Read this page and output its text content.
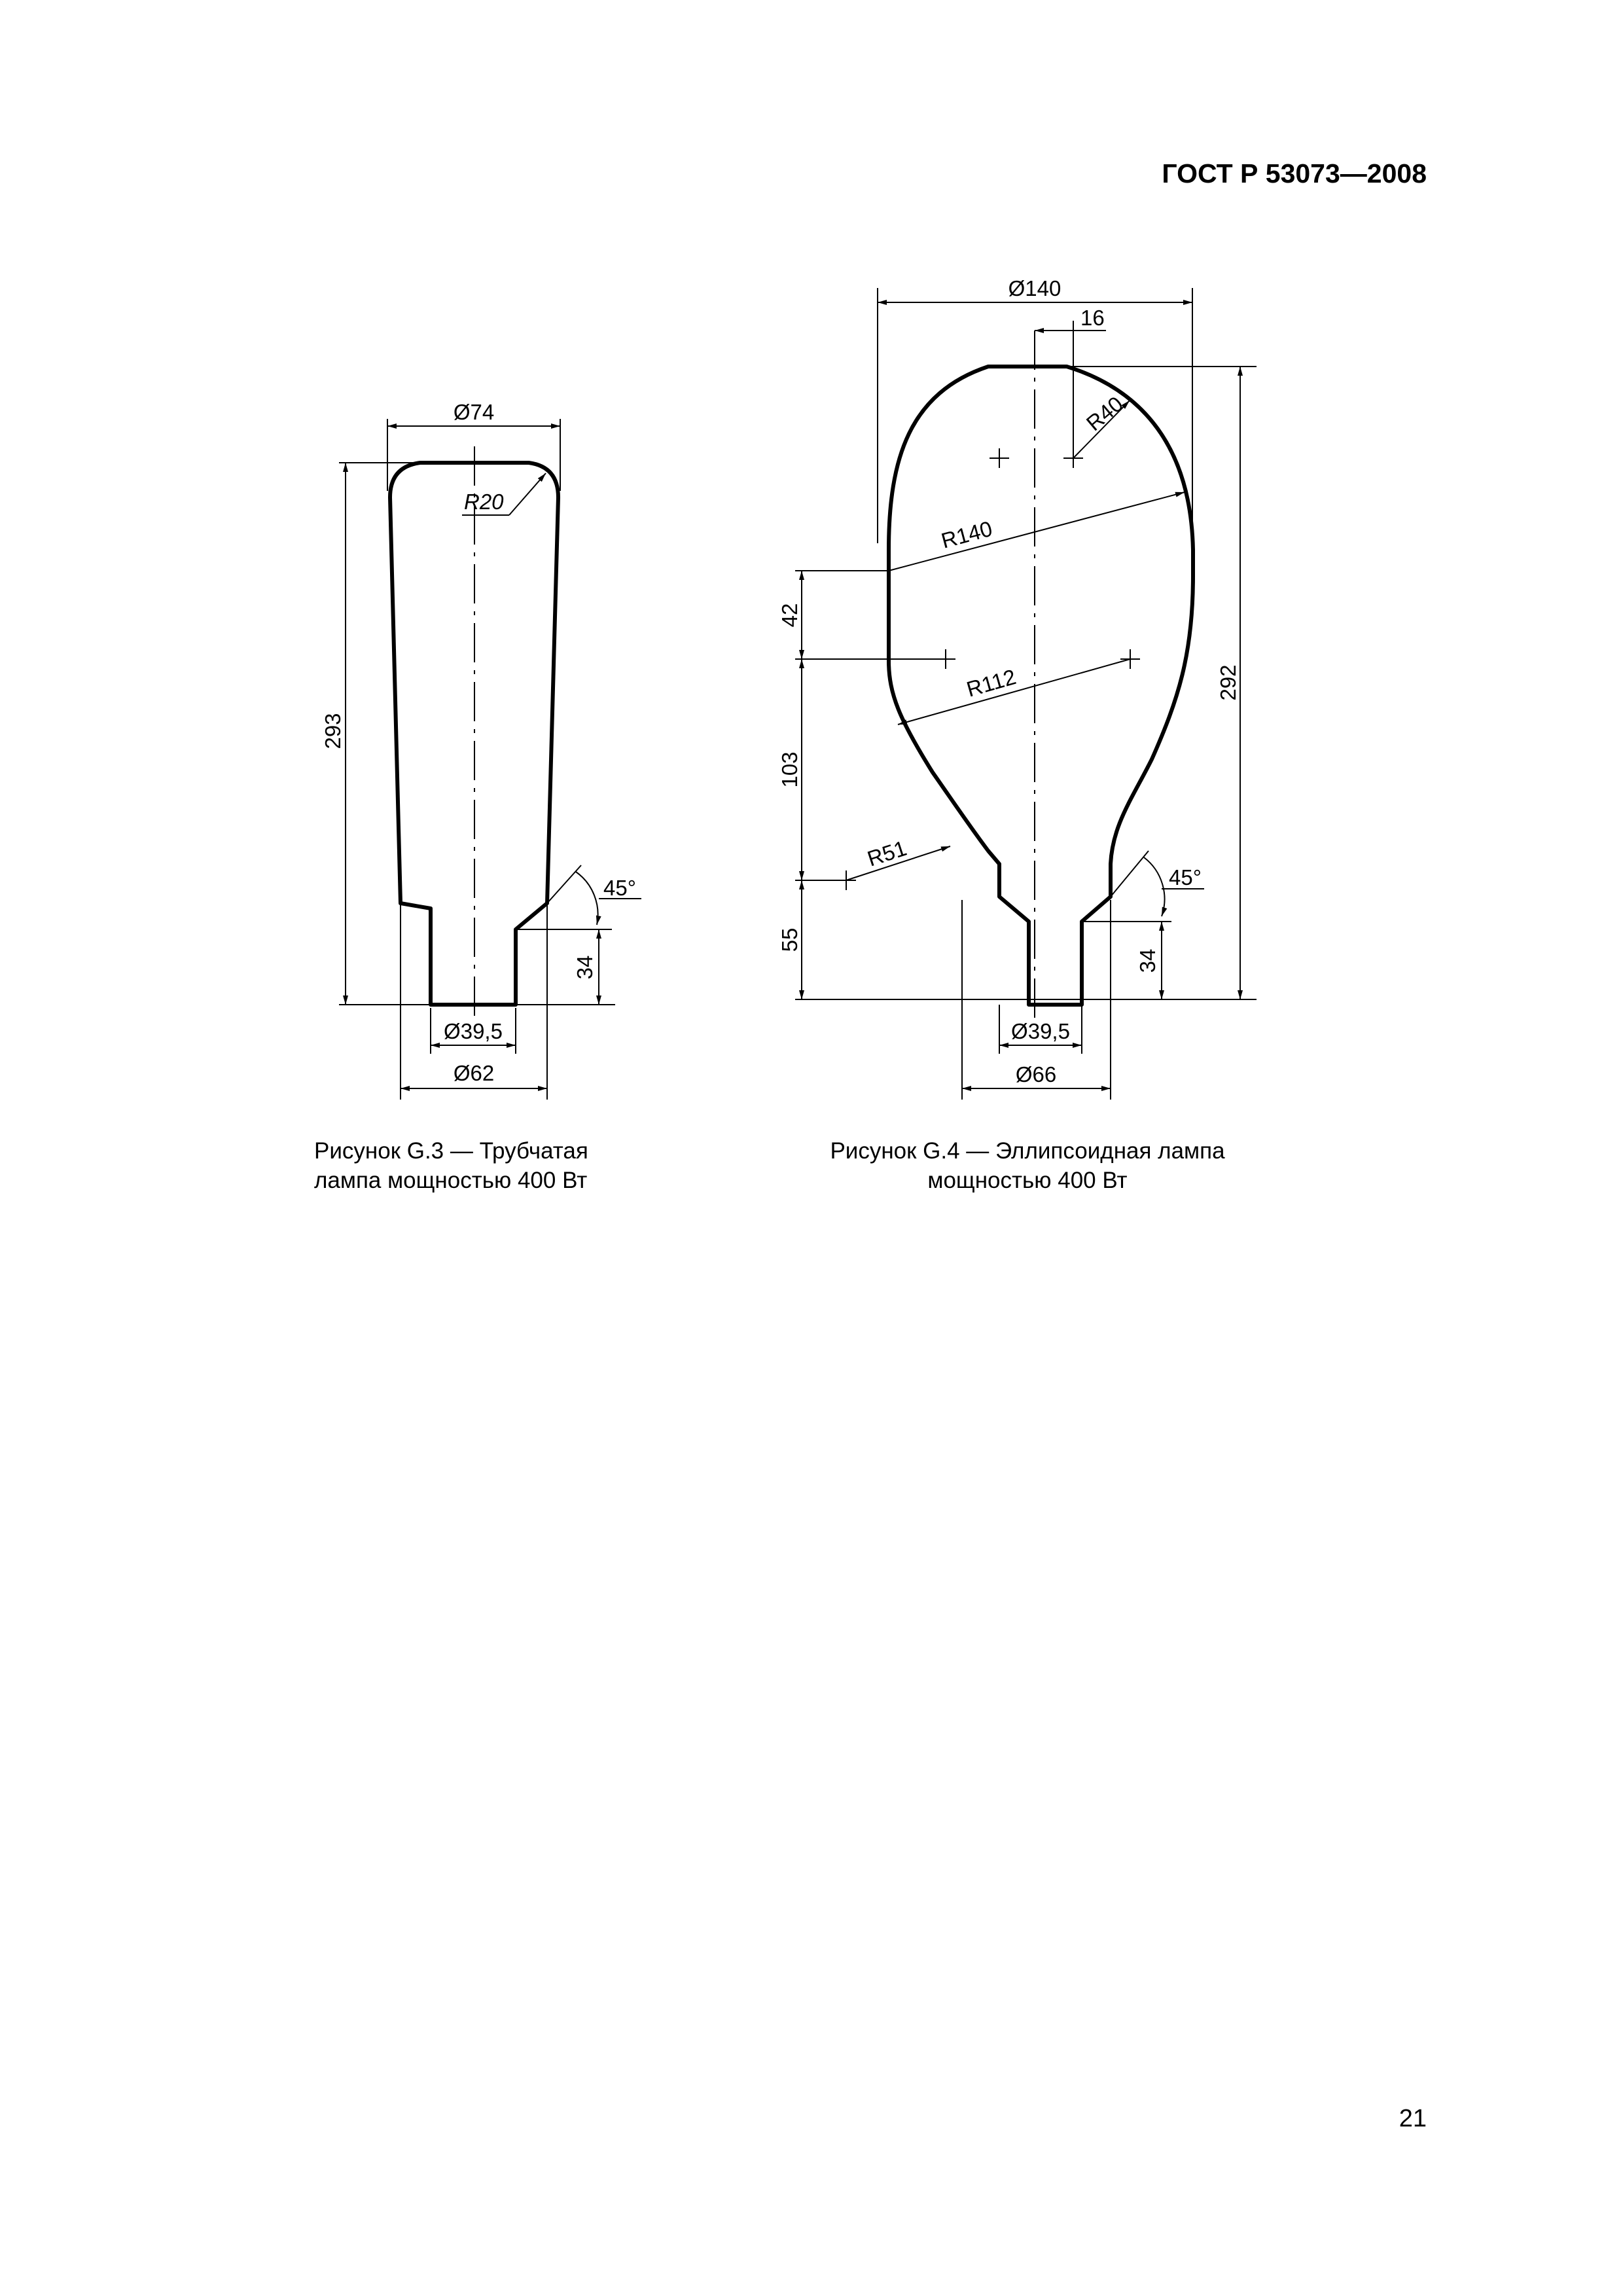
ГОСТ Р 53073—2008
Ø74
R20
293
34
45°
Ø39,5
Ø62
Ø140
16
R40
R140
R112
R51
42
103
55
292
34
45°
Ø39,5
Ø66
Рисунок G.3 — Трубчатая
лампа мощностью 400 Вт
Рисунок G.4 — Эллипсоидная лампа
мощностью 400 Вт
21
